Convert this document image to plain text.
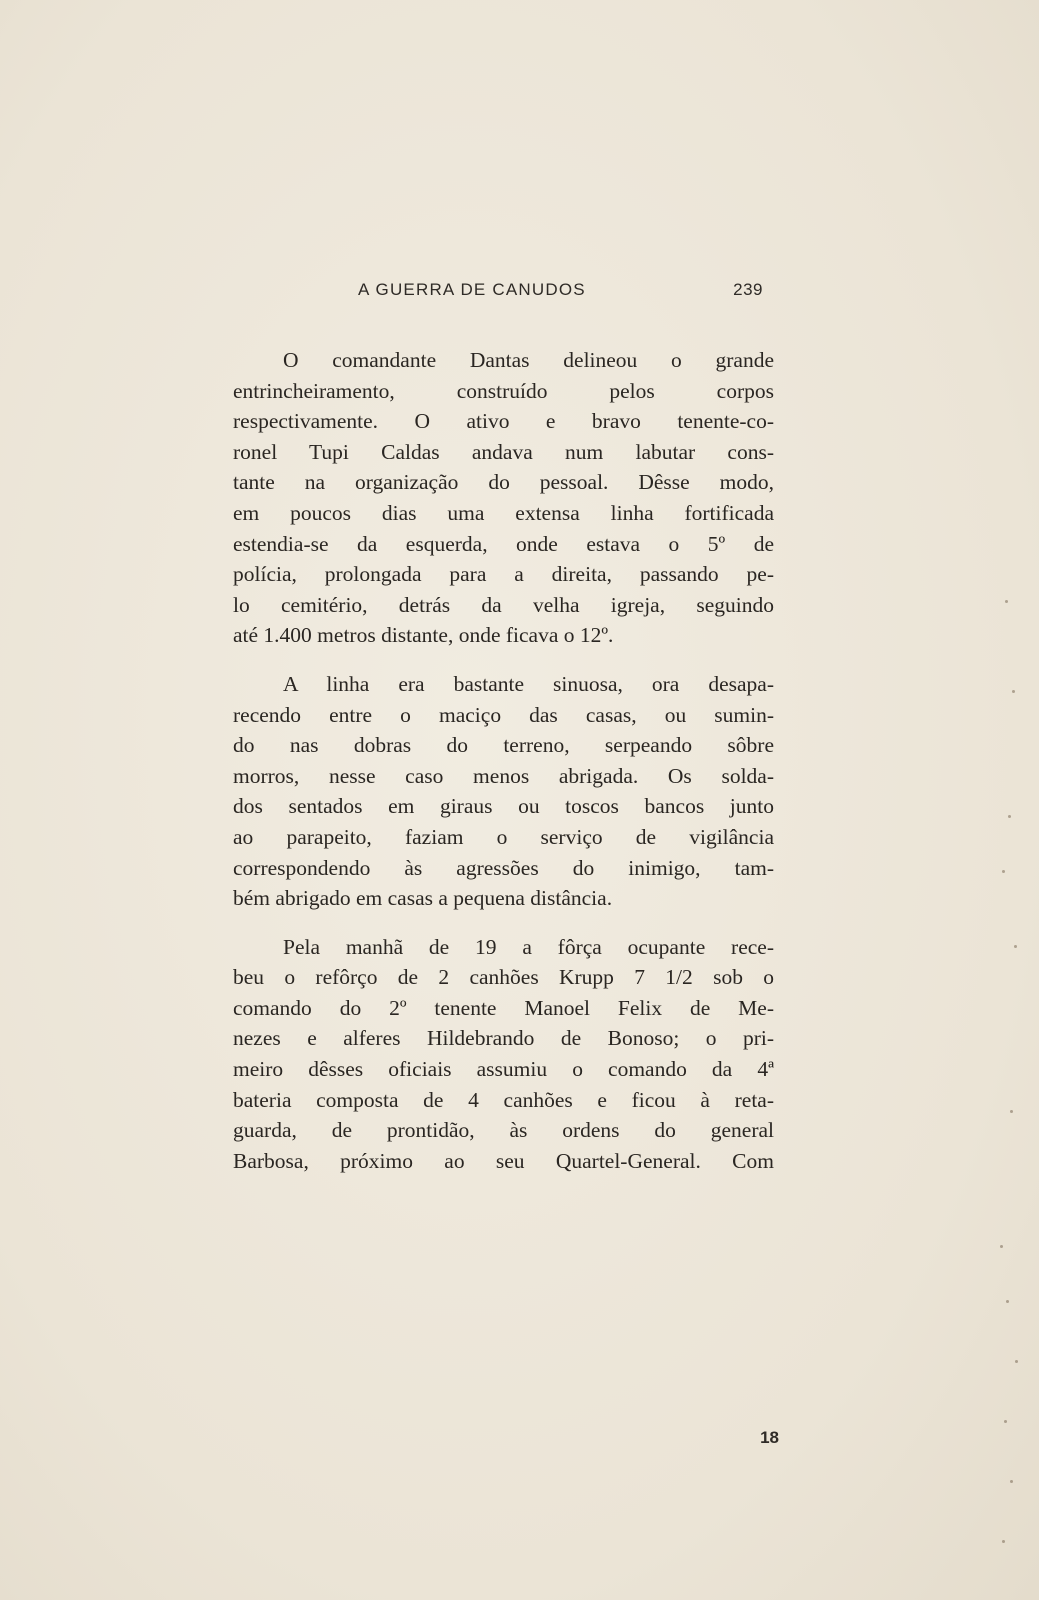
A GUERRA DE CANUDOS	239
O comandante Dantas delineou o grande
entrincheiramento, construído pelos corpos
respectivamente. O ativo e bravo tenente-co-
ronel Tupi Caldas andava num labutar cons-
tante na organização do pessoal. Dêsse modo,
em poucos dias uma extensa linha fortificada
estendia-se da esquerda, onde estava o 5º de
polícia, prolongada para a direita, passando pe-
lo cemitério, detrás da velha igreja, seguindo
até 1.400 metros distante, onde ficava o 12º.
A linha era bastante sinuosa, ora desapa-
recendo entre o maciço das casas, ou sumin-
do nas dobras do terreno, serpeando sôbre
morros, nesse caso menos abrigada. Os solda-
dos sentados em giraus ou toscos bancos junto
ao parapeito, faziam o serviço de vigilância
correspondendo às agressões do inimigo, tam-
bém abrigado em casas a pequena distância.
Pela manhã de 19 a fôrça ocupante rece-
beu o refôrço de 2 canhões Krupp 7 1/2 sob o
comando do 2º tenente Manoel Felix de Me-
nezes e alferes Hildebrando de Bonoso; o pri-
meiro dêsses oficiais assumiu o comando da 4ª
bateria composta de 4 canhões e ficou à reta-
guarda, de prontidão, às ordens do general
Barbosa, próximo ao seu Quartel-General. Com
18
